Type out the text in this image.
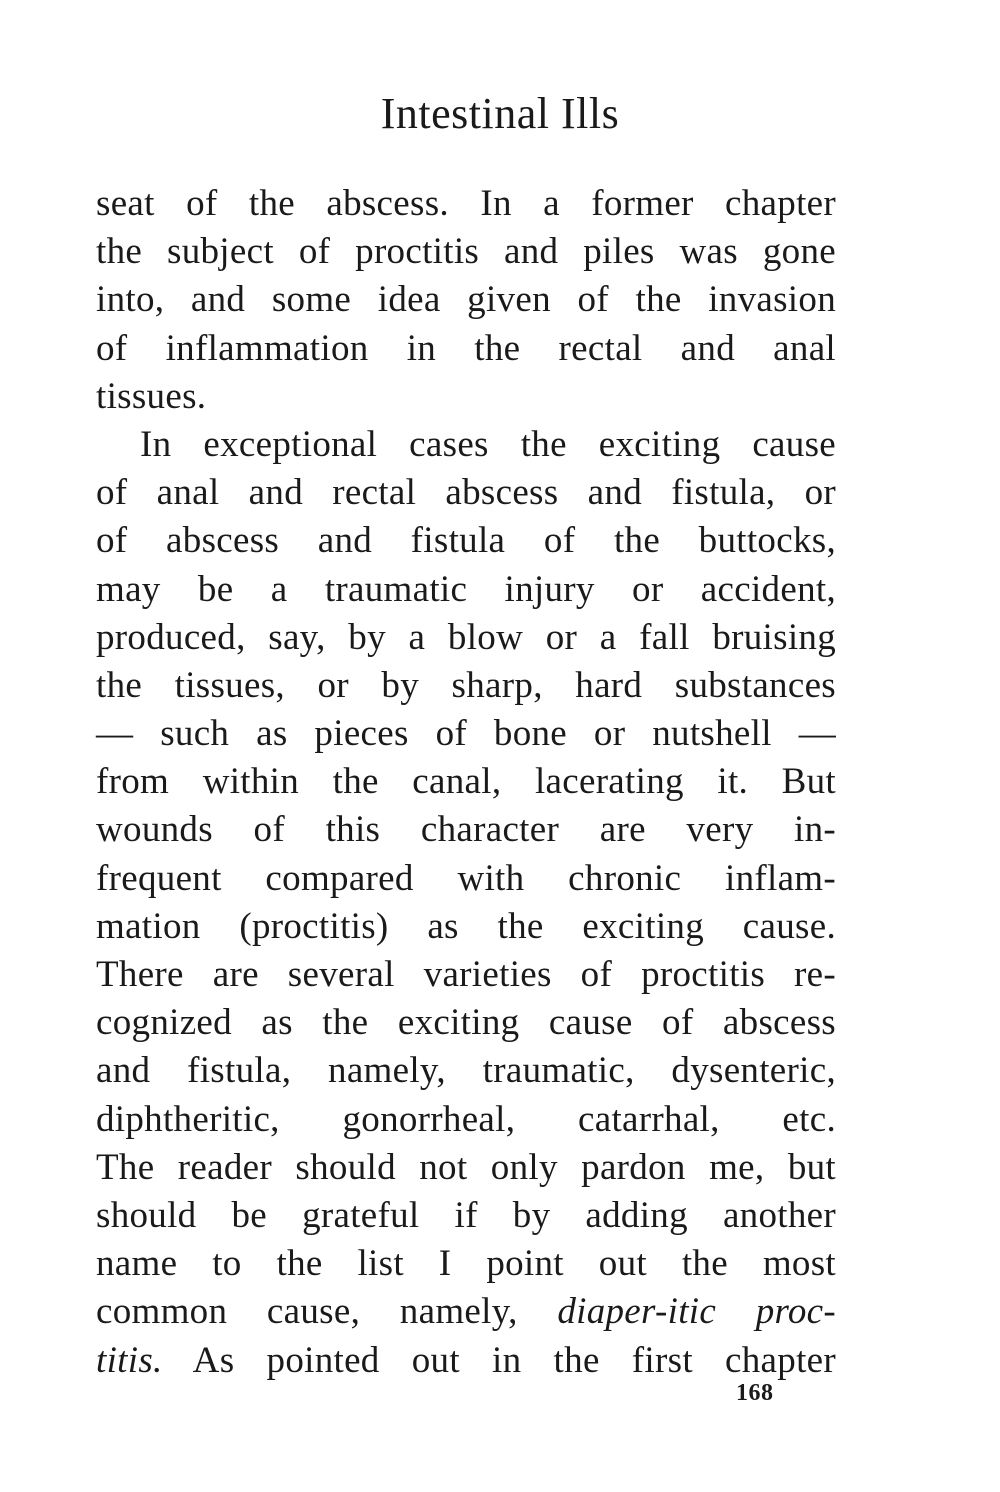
Intestinal Ills
seat of the abscess. In a former chapter
the subject of proctitis and piles was gone
into, and some idea given of the invasion
of inflammation in the rectal and anal
tissues.
In exceptional cases the exciting cause
of anal and rectal abscess and fistula, or
of abscess and fistula of the buttocks,
may be a traumatic injury or accident,
produced, say, by a blow or a fall bruising
the tissues, or by sharp, hard substances
— such as pieces of bone or nutshell —
from within the canal, lacerating it. But
wounds of this character are very in-
frequent compared with chronic inflam-
mation (proctitis) as the exciting cause.
There are several varieties of proctitis re-
cognized as the exciting cause of abscess
and fistula, namely, traumatic, dysenteric,
diphtheritic, gonorrheal, catarrhal, etc.
The reader should not only pardon me, but
should be grateful if by adding another
name to the list I point out the most
common cause, namely, diaper-itic proc-
titis. As pointed out in the first chapter
168
